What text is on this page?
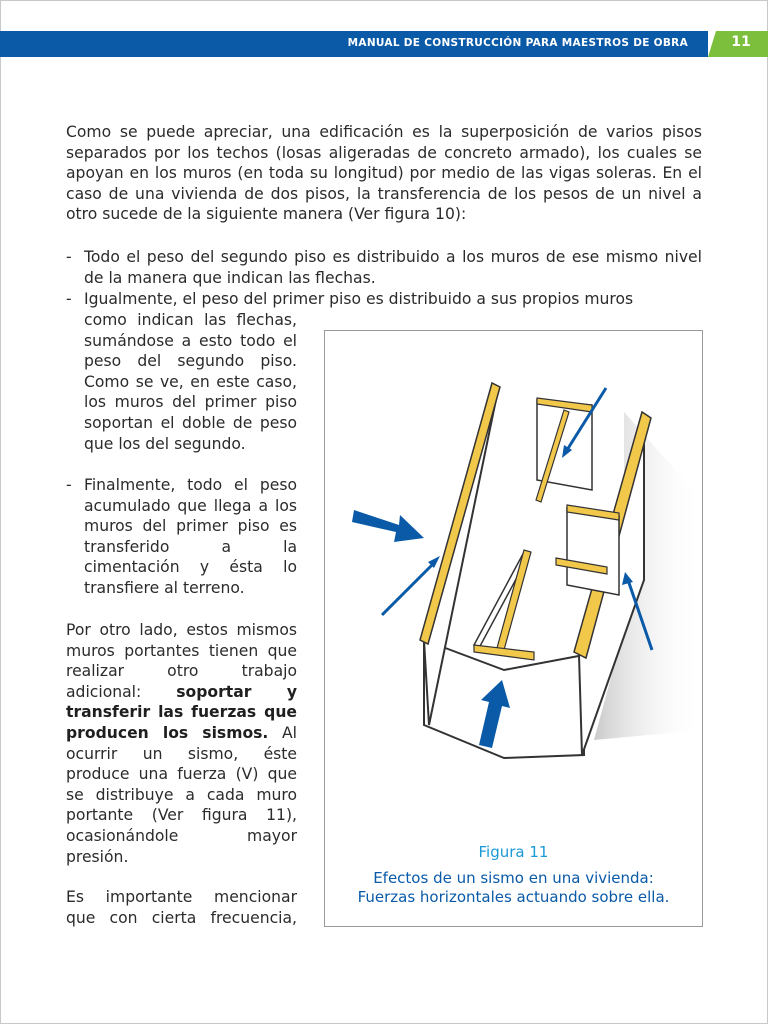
MANUAL DE CONSTRUCCIÓN PARA MAESTROS DE OBRA	11
Como se puede apreciar, una edificación es la superposición de varios pisos separados por los techos (losas aligeradas de concreto armado), los cuales se apoyan en los muros (en toda su longitud) por medio de las vigas soleras. En el caso de una vivienda de dos pisos, la transferencia de los pesos de un nivel a otro sucede de la siguiente manera (Ver figura 10):
- Todo el peso del segundo piso es distribuido a los muros de ese mismo nivel de la manera que indican las flechas.
- Igualmente, el peso del primer piso es distribuido a sus propios muros
como indican las flechas, sumándose a esto todo el peso del segundo piso. Como se ve, en este caso, los muros del primer piso soportan el doble de peso que los del segundo.
- Finalmente, todo el peso acumulado que llega a los muros del primer piso es transferido a la cimentación y ésta lo transfiere al terreno.
Por otro lado, estos mismos muros portantes tienen que realizar otro trabajo adicional: soportar y transferir las fuerzas que producen los sismos. Al ocurrir un sismo, éste produce una fuerza (V) que se distribuye a cada muro portante (Ver figura 11), ocasionándole mayor presión.
Es importante mencionar que con cierta frecuencia,
Figura 11
Efectos de un sismo en una vivienda:
Fuerzas horizontales actuando sobre ella.
